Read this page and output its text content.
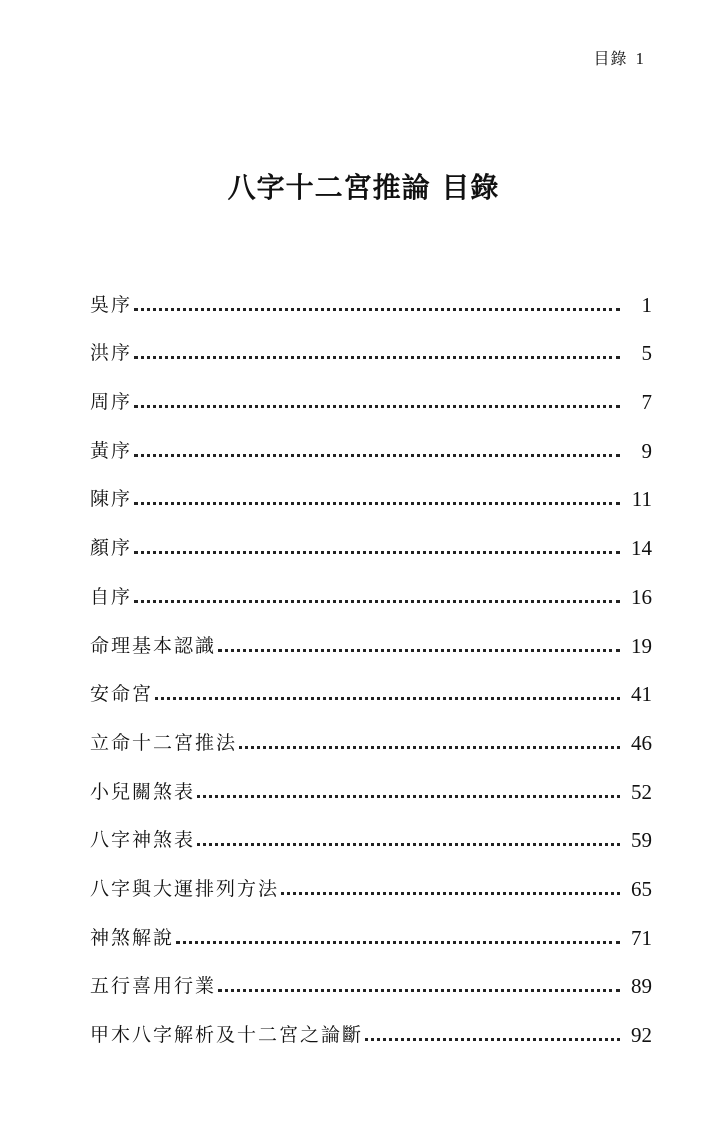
目錄 1
八字十二宮推論 目錄
吳序	1
洪序	5
周序	7
黃序	9
陳序	11
顏序	14
自序	16
命理基本認識	19
安命宮	41
立命十二宮推法	46
小兒關煞表	52
八字神煞表	59
八字與大運排列方法	65
神煞解說	71
五行喜用行業	89
甲木八字解析及十二宮之論斷	92
